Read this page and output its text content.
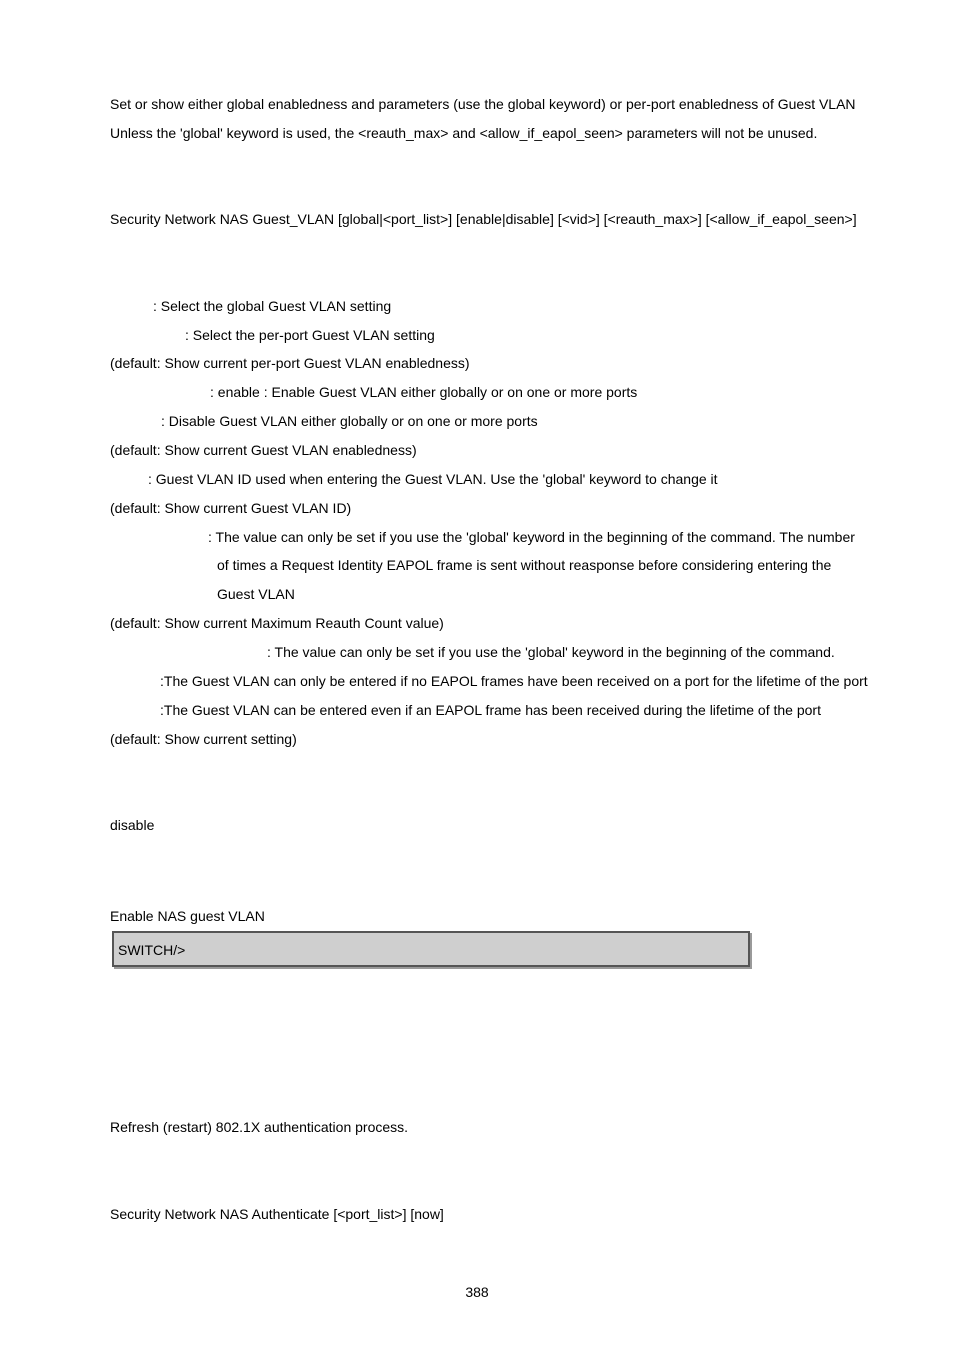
Set or show either global enabledness and parameters (use the global keyword) or per-port enabledness of Guest VLAN
Unless the 'global' keyword is used, the <reauth_max> and <allow_if_eapol_seen> parameters will not be unused.
Security Network NAS Guest_VLAN [global|<port_list>] [enable|disable] [<vid>] [<reauth_max>] [<allow_if_eapol_seen>]
: Select the global Guest VLAN setting
: Select the per-port Guest VLAN setting
(default: Show current per-port Guest VLAN enabledness)
: enable : Enable Guest VLAN either globally or on one or more ports
: Disable Guest VLAN either globally or on one or more ports
(default: Show current Guest VLAN enabledness)
: Guest VLAN ID used when entering the Guest VLAN. Use the 'global' keyword to change it
(default: Show current Guest VLAN ID)
: The value can only be set if you use the 'global' keyword in the beginning of the command. The number
of times a Request Identity EAPOL frame is sent without reasponse before considering entering the
Guest VLAN
(default: Show current Maximum Reauth Count value)
: The value can only be set if you use the 'global' keyword in the beginning of the command.
:The Guest VLAN can only be entered if no EAPOL frames have been received on a port for the lifetime of the port
:The Guest VLAN can be entered even if an EAPOL frame has been received during the lifetime of the port
(default: Show current setting)
disable
Enable NAS guest VLAN
SWITCH/>
Refresh (restart) 802.1X authentication process.
Security Network NAS Authenticate [<port_list>] [now]
388
